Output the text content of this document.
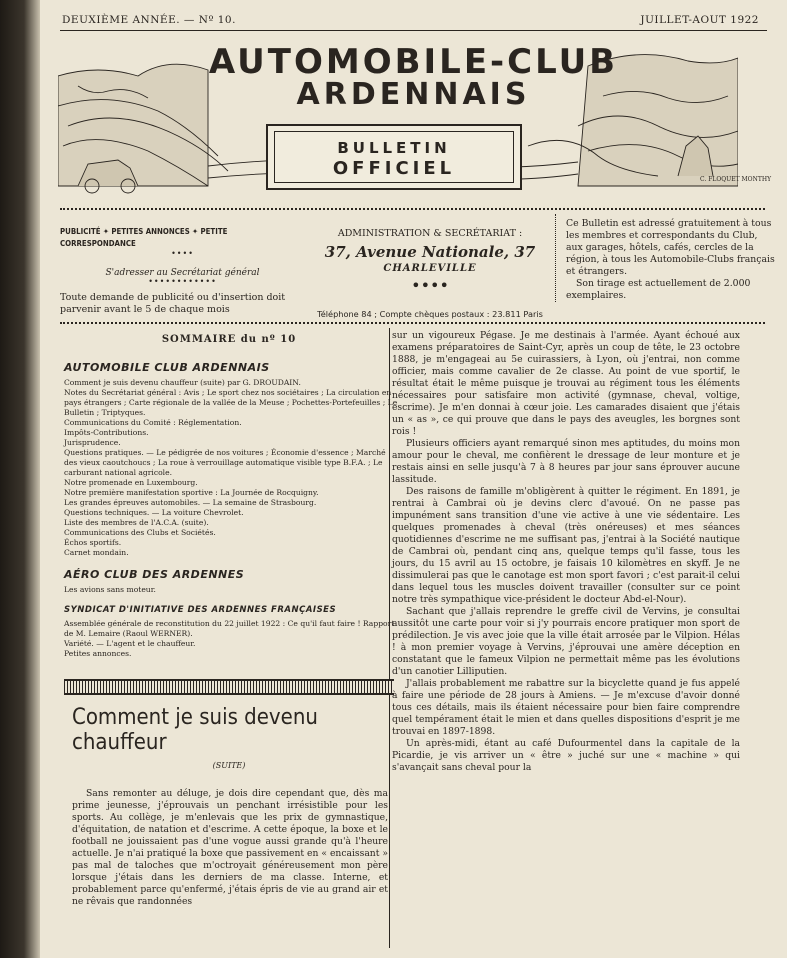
DEUXIÈME ANNÉE. — Nº 10.	JUILLET-AOUT 1922
AUTOMOBILE-CLUB
ARDENNAIS
BULLETIN
OFFICIEL
C. FLOQUET MONTHY
PUBLICITÉ ✦ PETITES ANNONCES ✦ PETITE CORRESPONDANCE
••••
S'adresser au Secrétariat général
••••••••••••
Toute demande de publicité ou d'insertion doit parvenir avant le 5 de chaque mois
ADMINISTRATION & SECRÉTARIAT :
37, Avenue Nationale, 37
CHARLEVILLE
••••
Téléphone 84 ; Compte chèques postaux : 23.811 Paris
Ce Bulletin est adressé gratuitement à tous les membres et correspondants du Club, aux garages, hôtels, cafés, cercles de la région, à tous les Automobile-Clubs français et étrangers.
Son tirage est actuellement de 2.000 exemplaires.
SOMMAIRE du nº 10
AUTOMOBILE CLUB ARDENNAIS
Comment je suis devenu chauffeur (suite) par G. DROUDAIN.
Notes du Secrétariat général : Avis ; Le sport chez nos sociétaires ; La circulation en pays étrangers ; Carte régionale de la vallée de la Meuse ; Pochettes-Portefeuilles ; Le Bulletin ; Triptyques.
Communications du Comité : Réglementation.
Impôts-Contributions.
Jurisprudence.
Questions pratiques. — Le pédigrée de nos voitures ; Économie d'essence ; Marché des vieux caoutchoucs ; La roue à verrouillage automatique visible type B.F.A. ; Le carburant national agricole.
Notre promenade en Luxembourg.
Notre première manifestation sportive : La Journée de Rocquigny.
Les grandes épreuves automobiles. — La semaine de Strasbourg.
Questions techniques. — La voiture Chevrolet.
Liste des membres de l'A.C.A. (suite).
Communications des Clubs et Sociétés.
Échos sportifs.
Carnet mondain.
AÉRO CLUB DES ARDENNES
Les avions sans moteur.
SYNDICAT D'INITIATIVE DES ARDENNES FRANÇAISES
Assemblée générale de reconstitution du 22 juillet 1922 : Ce qu'il faut faire ! Rapport de M. Lemaire (Raoul WERNER).
Variété. — L'agent et le chauffeur.
Petites annonces.
Comment je suis devenu chauffeur
(SUITE)
Sans remonter au déluge, je dois dire cependant que, dès ma prime jeunesse, j'éprouvais un penchant irrésistible pour les sports. Au collège, je m'enlevais que les prix de gymnastique, d'équitation, de natation et d'escrime. A cette époque, la boxe et le football ne jouissaient pas d'une vogue aussi grande qu'à l'heure actuelle. Je n'ai pratiqué la boxe que passivement en « encaissant » pas mal de taloches que m'octroyait généreusement mon père lorsque j'étais dans les derniers de ma classe. Interne, et probablement parce qu'enfermé, j'étais épris de vie au grand air et ne rêvais que randonnées
sur un vigoureux Pégase. Je me destinais à l'armée. Ayant échoué aux examens préparatoires de Saint-Cyr, après un coup de tête, le 23 octobre 1888, je m'engageai au 5e cuirassiers, à Lyon, où j'entrai, non comme officier, mais comme cavalier de 2e classe. Au point de vue sportif, le résultat était le même puisque je trouvai au régiment tous les éléments nécessaires pour satisfaire mon activité (gymnase, cheval, voltige, escrime). Je m'en donnai à cœur joie. Les camarades disaient que j'étais un « as », ce qui prouve que dans le pays des aveugles, les borgnes sont rois !
Plusieurs officiers ayant remarqué sinon mes aptitudes, du moins mon amour pour le cheval, me confièrent le dressage de leur monture et je restais ainsi en selle jusqu'à 7 à 8 heures par jour sans éprouver aucune lassitude.
Des raisons de famille m'obligèrent à quitter le régiment. En 1891, je rentrai à Cambrai où je devins clerc d'avoué. On ne passe pas impunément sans transition d'une vie active à une vie sédentaire. Les quelques promenades à cheval (très onéreuses) et mes séances quotidiennes d'escrime ne me suffisant pas, j'entrai à la Société nautique de Cambrai où, pendant cinq ans, quelque temps qu'il fasse, tous les jours, du 15 avril au 15 octobre, je faisais 10 kilomètres en skyff. Je ne dissimulerai pas que le canotage est mon sport favori ; c'est parait-il celui dans lequel tous les muscles doivent travailler (consulter sur ce point notre très sympathique vice-président le docteur Abd-el-Nour).
Sachant que j'allais reprendre le greffe civil de Vervins, je consultai aussitôt une carte pour voir si j'y pourrais encore pratiquer mon sport de prédilection. Je vis avec joie que la ville était arrosée par le Vilpion. Hélas ! à mon premier voyage à Vervins, j'éprouvai une amère déception en constatant que le fameux Vilpion ne permettait même pas les évolutions d'un canotier Lilliputien.
J'allais probablement me rabattre sur la bicyclette quand je fus appelé à faire une période de 28 jours à Amiens. — Je m'excuse d'avoir donné tous ces détails, mais ils étaient nécessaire pour bien faire comprendre quel tempérament était le mien et dans quelles dispositions d'esprit je me trouvai en 1897-1898.
Un après-midi, étant au café Dufourmentel dans la capitale de la Picardie, je vis arriver un « être » juché sur une « machine » qui s'avançait sans cheval pour la
